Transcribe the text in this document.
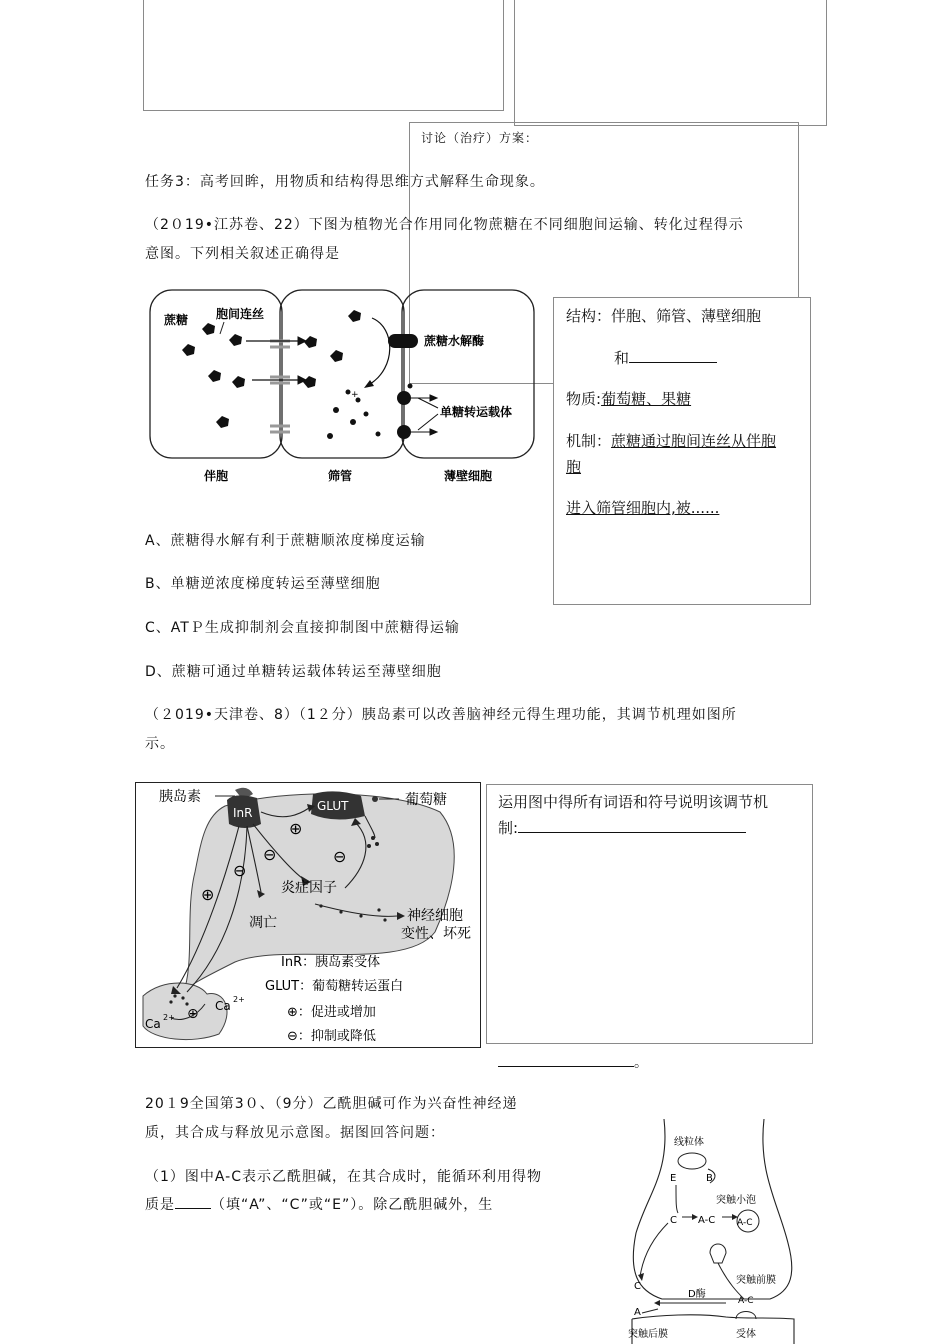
讨论（治疗）方案：
任务3：高考回眸，用物质和结构得思维方式解释生命现象。
（2０19•江苏卷、22）下图为植物光合作用同化物蔗糖在不同细胞间运输、转化过程得示
意图。下列相关叙述正确得是
蔗糖 胞间连丝
蔗糖水解酶
+
单糖转运载体
伴胞	筛管	薄壁细胞
结构：伴胞、筛管、薄壁细胞
和
物质:葡萄糖、果糖
机制：蔗糖通过胞间连丝从伴胞
进入筛管细胞内,被......
胞
A、蔗糖得水解有利于蔗糖顺浓度梯度运输
B、单糖逆浓度梯度转运至薄壁细胞
C、ATＰ生成抑制剂会直接抑制图中蔗糖得运输
D、蔗糖可通过单糖转运载体转运至薄壁细胞
（２019•天津卷、8）（1２分）胰岛素可以改善脑神经元得生理功能，其调节机理如图所
示。
胰岛素
InR	GLUT	葡萄糖
⊕
⊖
⊖
⊖
⊕	炎症因子
凋亡	神经细胞
变性、坏死
InR：胰岛素受体
GLUT：葡萄糖转运蛋白
⊕：促进或增加
⊖：抑制或降低
Ca 2+
Ca 2+ ⊕
运用图中得所有词语和符号说明该调节机
制:
。
20１9全国第3０、（9分）乙酰胆碱可作为兴奋性神经递
质，其合成与释放见示意图。据图回答问题：
（1）图中A-C表示乙酰胆碱，在其合成时，能循环利用得物
质是	（填“A”、“C”或“E”）。除乙酰胆碱外，生
线粒体
E	B
C A-C
突触小泡
A-C
突触前膜
C
D酶
A-C
A
突触后膜	受体
